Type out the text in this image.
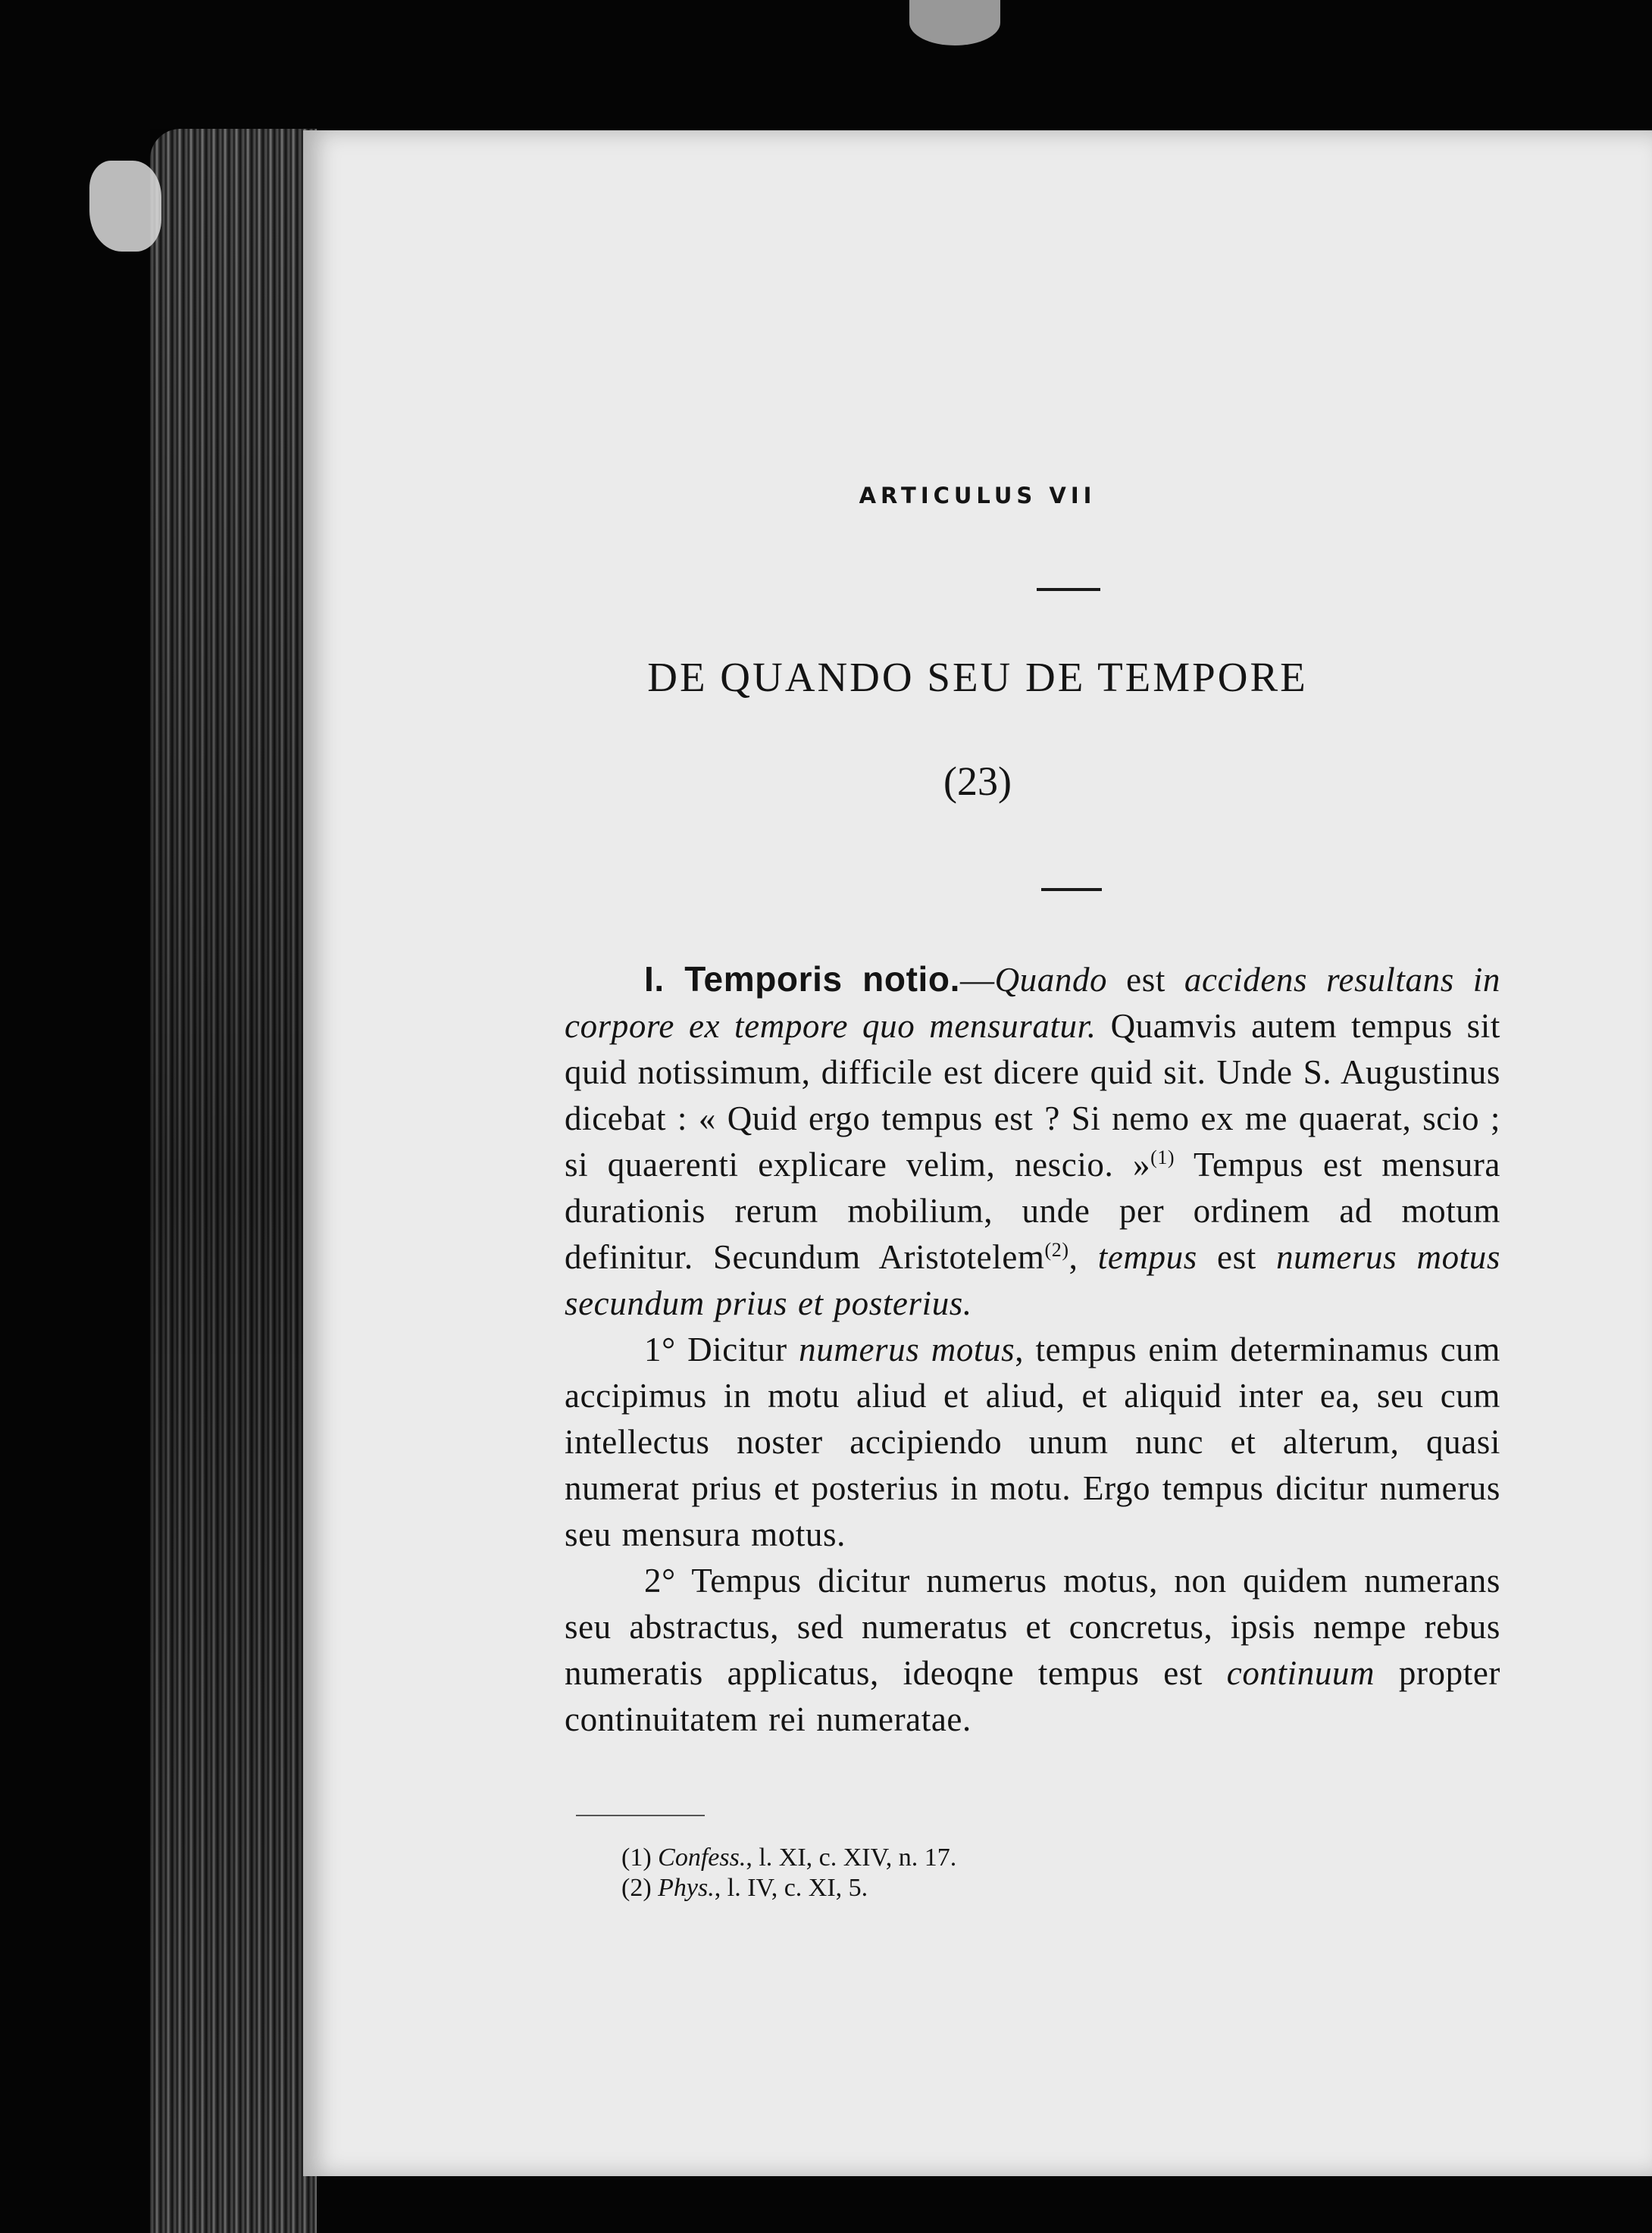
ARTICULUS VII
DE QUANDO SEU DE TEMPORE
(23)

I. Temporis notio.—Quando est accidens resultans in corpore ex tempore quo mensuratur. Quamvis autem tempus sit quid notissimum, difficile est dicere quid sit. Unde S. Augustinus dicebat : « Quid ergo tempus est ? Si nemo ex me quaerat, scio ; si quaerenti explicare velim, nescio. »$^{(1)}$ Tempus est mensura durationis rerum mobilium, unde per ordinem ad motum definitur. Secundum Aristotelem$^{(2)}$, tempus est numerus motus secundum prius et posterius.

1° Dicitur numerus motus, tempus enim determinamus cum accipimus in motu aliud et aliud, et aliquid inter ea, seu cum intellectus noster accipiendo unum nunc et alterum, quasi numerat prius et posterius in motu. Ergo tempus dicitur numerus seu mensura motus.

2° Tempus dicitur numerus motus, non quidem numerans seu abstractus, sed numeratus et concretus, ipsis nempe rebus numeratis applicatus, ideoqne tempus est continuum propter continuitatem rei numeratae.

(1) Confess., l. XI, c. XIV, n. 17.
(2) Phys., l. IV, c. XI, 5.
